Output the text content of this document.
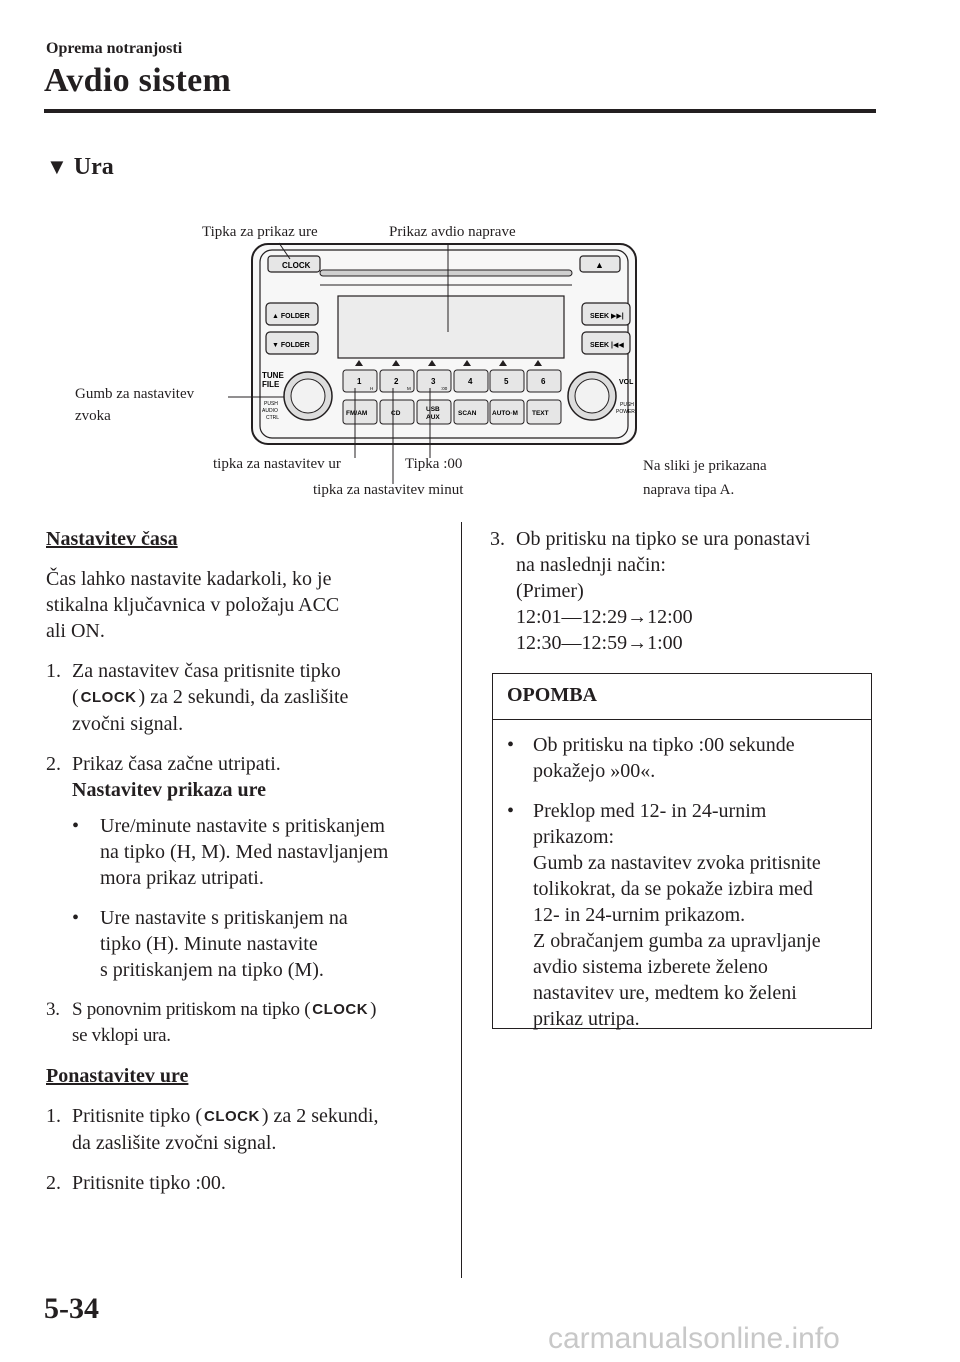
Oprema notranjosti
Avdio sistem
▼ Ura
CLOCK	▲
▲ FOLDER
▼ FOLDER
SEEK ▶▶|
SEEK |◀◀
TUNE
FILE
PUSH
AUDIO
CTRL
1	2	3	4	5	6
H	M	:00
FM/AM	CD
USB
AUX
SCAN AUTO·M TEXT
VOL
PUSH
POWER
Tipka za prikaz ure	Prikaz avdio naprave
Gumb za nastavitev
zvoka
tipka za nastavitev ur	Tipka :00
tipka za nastavitev minut
Na sliki je prikazana
naprava tipa A.

Nastavitev časa

Čas lahko nastavite kadarkoli, ko je

stikalna ključavnica v položaju ACC

ali ON.

1. Za nastavitev časa pritisnite tipko

( CLOCK ) za 2 sekundi, da zaslišite

zvočni signal.

2. Prikaz časa začne utripati.

Nastavitev prikaza ure

• Ure/minute nastavite s pritiskanjem

na tipko (H, M). Med nastavljanjem

mora prikaz utripati.

• Ure nastavite s pritiskanjem na

tipko (H). Minute nastavite

s pritiskanjem na tipko (M).

3. S ponovnim pritiskom na tipko ( CLOCK )

se vklopi ura.

Ponastavitev ure

1. Pritisnite tipko ( CLOCK ) za 2 sekundi,

da zaslišite zvočni signal.

2. Pritisnite tipko :00.

3. Ob pritisku na tipko se ura ponastavi

na naslednji način:

(Primer)

12:01—12:29→12:00

12:30—12:59→1:00

OPOMBA
• Ob pritisku na tipko :00 sekunde

pokažejo »00«.

• Preklop med 12- in 24-urnim

prikazom:

Gumb za nastavitev zvoka pritisnite

tolikokrat, da se pokaže izbira med

12- in 24-urnim prikazom.

Z obračanjem gumba za upravljanje

avdio sistema izberete želeno

nastavitev ure, medtem ko želeni

prikaz utripa.

5-34
carmanualsonline.info
